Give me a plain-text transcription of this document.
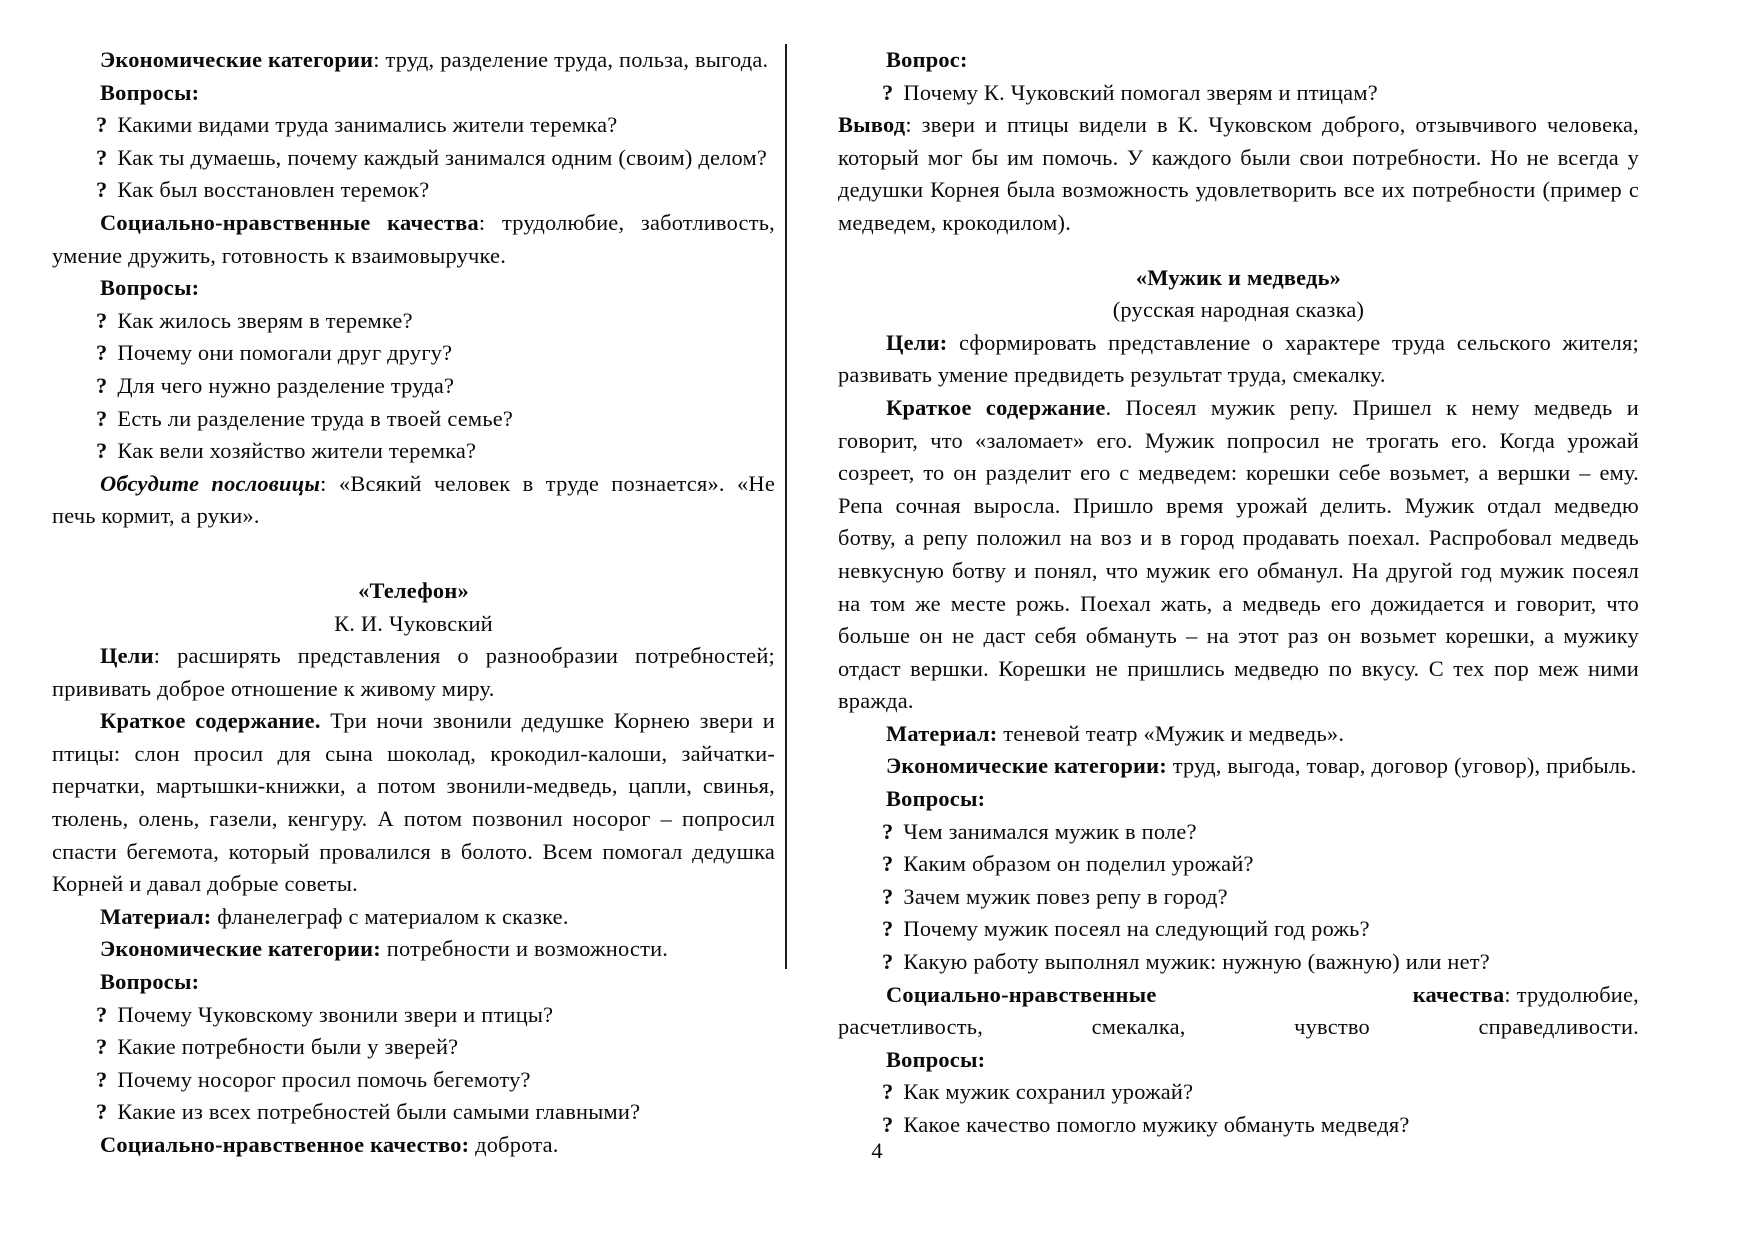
Экономические категории: труд, разделение труда, польза, выгода.

Вопросы:

? Какими видами труда занимались жители теремка?

? Как ты думаешь, почему каждый занимался одним (своим) делом?

? Как был восстановлен теремок?

Социально-нравственные качества: трудолюбие, заботливость, умение дружить, готовность к взаимовыручке.

Вопросы:

? Как жилось зверям в теремке?

? Почему они помогали друг другу?

? Для чего нужно разделение труда?

? Есть ли разделение труда в твоей семье?

? Как вели хозяйство жители теремка?

Обсудите пословицы: «Всякий человек в труде познается». «Не печь кормит, а руки».

«Телефон»

К. И. Чуковский

Цели: расширять представления о разнообразии потребностей; прививать доброе отношение к живому миру.

Краткое содержание. Три ночи звонили дедушке Корнею звери и птицы: слон просил для сына шоколад, крокодил-калоши, зайчатки-перчатки, мартышки-книжки, а потом звонили-медведь, цапли, свинья, тюлень, олень, газели, кенгуру. А потом позвонил носорог – попросил спасти бегемота, который провалился в болото. Всем помогал дедушка Корней и давал добрые советы.

Материал: фланелеграф с материалом к сказке.

Экономические категории: потребности и возможности.

Вопросы:

? Почему Чуковскому звонили звери и птицы?

? Какие потребности были у зверей?

? Почему носорог просил помочь бегемоту?

? Какие из всех потребностей были самыми главными?

Социально-нравственное качество: доброта.

Вопрос:

? Почему К. Чуковский помогал зверям и птицам?

Вывод: звери и птицы видели в К. Чуковском доброго, отзывчивого человека, который мог бы им помочь. У каждого были свои потребности. Но не всегда у дедушки Корнея была возможность удовлетворить все их потребности (пример с медведем, крокодилом).

«Мужик и медведь»

(русская народная сказка)

Цели: сформировать представление о характере труда сельского жителя; развивать умение предвидеть результат труда, смекалку.

Краткое содержание. Посеял мужик репу. Пришел к нему медведь и говорит, что «заломает» его. Мужик попросил не трогать его. Когда урожай созреет, то он разделит его с медведем: корешки себе возьмет, а вершки – ему. Репа сочная выросла. Пришло время урожай делить. Мужик отдал медведю ботву, а репу положил на воз и в город продавать поехал. Распробовал медведь невкусную ботву и понял, что мужик его обманул. На другой год мужик посеял на том же месте рожь. Поехал жать, а медведь его дожидается и говорит, что больше он не даст себя обмануть – на этот раз он возьмет корешки, а мужику отдаст вершки. Корешки не пришлись медведю по вкусу. С тех пор меж ними вражда.

Материал: теневой театр «Мужик и медведь».

Экономические категории: труд, выгода, товар, договор (уговор), прибыль.

Вопросы:

? Чем занимался мужик в поле?

? Каким образом он поделил урожай?

? Зачем мужик повез репу в город?

? Почему мужик посеял на следующий год рожь?

? Какую работу выполнял мужик: нужную (важную) или нет?

Социально-нравственные	качества: трудолюбие, расчетливость, смекалка, чувство справедливости.

Вопросы:

? Как мужик сохранил урожай?

? Какое качество помогло мужику обмануть медведя?

4
